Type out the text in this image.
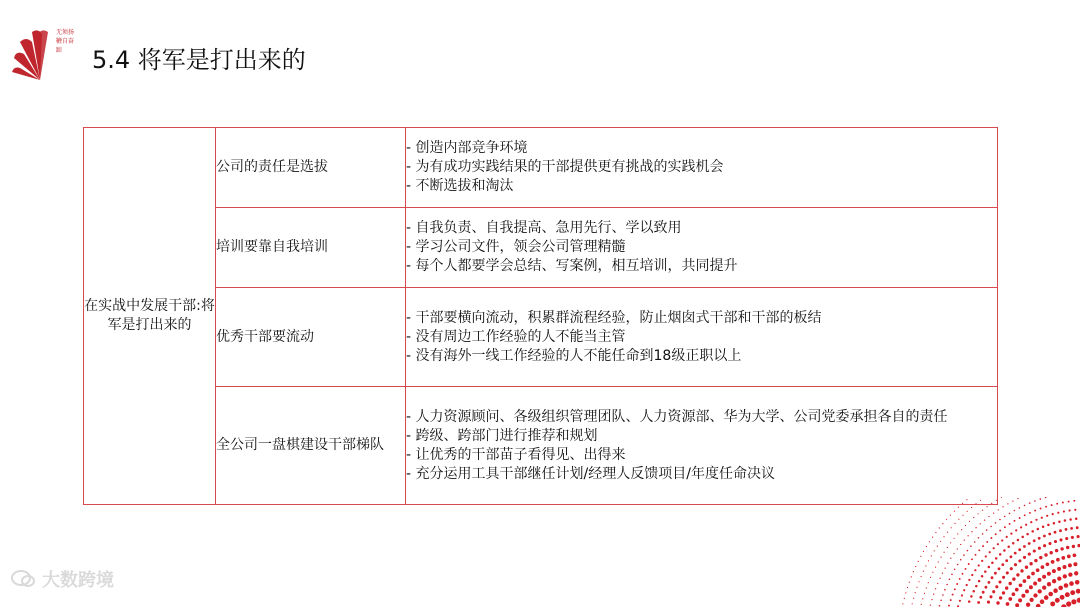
无须扬鞭自奋蹄	5.4 将军是打出来的
在实战中发展干部:将军是打出来的	公司的责任是选拔	- 创造内部竞争环境
- 为有成功实践结果的干部提供更有挑战的实践机会
- 不断选拔和淘汰

	培训要靠自我培训	- 自我负责、自我提高、急用先行、学以致用
- 学习公司文件，领会公司管理精髓
- 每个人都要学会总结、写案例，相互培训，共同提升

	优秀干部要流动	- 干部要横向流动，积累群流程经验，防止烟囱式干部和干部的板结
- 没有周边工作经验的人不能当主管
- 没有海外一线工作经验的人不能任命到18级正职以上

	全公司一盘棋建设干部梯队	- 人力资源顾问、各级组织管理团队、人力资源部、华为大学、公司党委承担各自的责任
- 跨级、跨部门进行推荐和规划
- 让优秀的干部苗子看得见、出得来
- 充分运用工具干部继任计划/经理人反馈项目/年度任命决议
大数跨境
